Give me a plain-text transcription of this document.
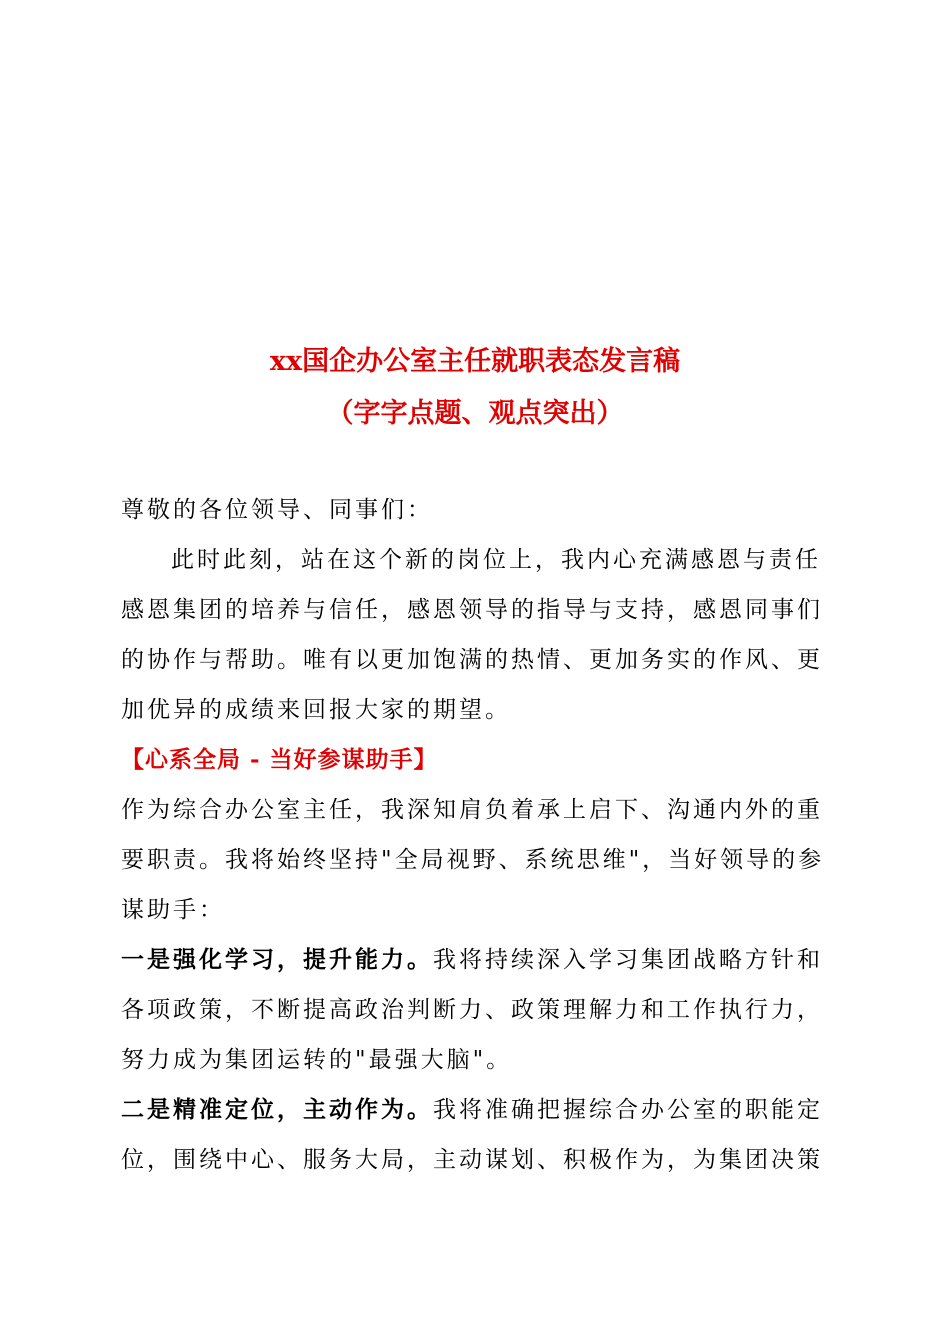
xx国企办公室主任就职表态发言稿
（字字点题、观点突出）
尊敬的各位领导、同事们：
此时此刻，站在这个新的岗位上，我内心充满感恩与责任
感恩集团的培养与信任，感恩领导的指导与支持，感恩同事们
的协作与帮助。唯有以更加饱满的热情、更加务实的作风、更
加优异的成绩来回报大家的期望。
【心系全局 - 当好参谋助手】
作为综合办公室主任，我深知肩负着承上启下、沟通内外的重
要职责。我将始终坚持"全局视野、系统思维"，当好领导的参
谋助手：
一是强化学习，提升能力。我将持续深入学习集团战略方针和
各项政策，不断提高政治判断力、政策理解力和工作执行力，
努力成为集团运转的"最强大脑"。
二是精准定位，主动作为。我将准确把握综合办公室的职能定
位，围绕中心、服务大局，主动谋划、积极作为，为集团决策
